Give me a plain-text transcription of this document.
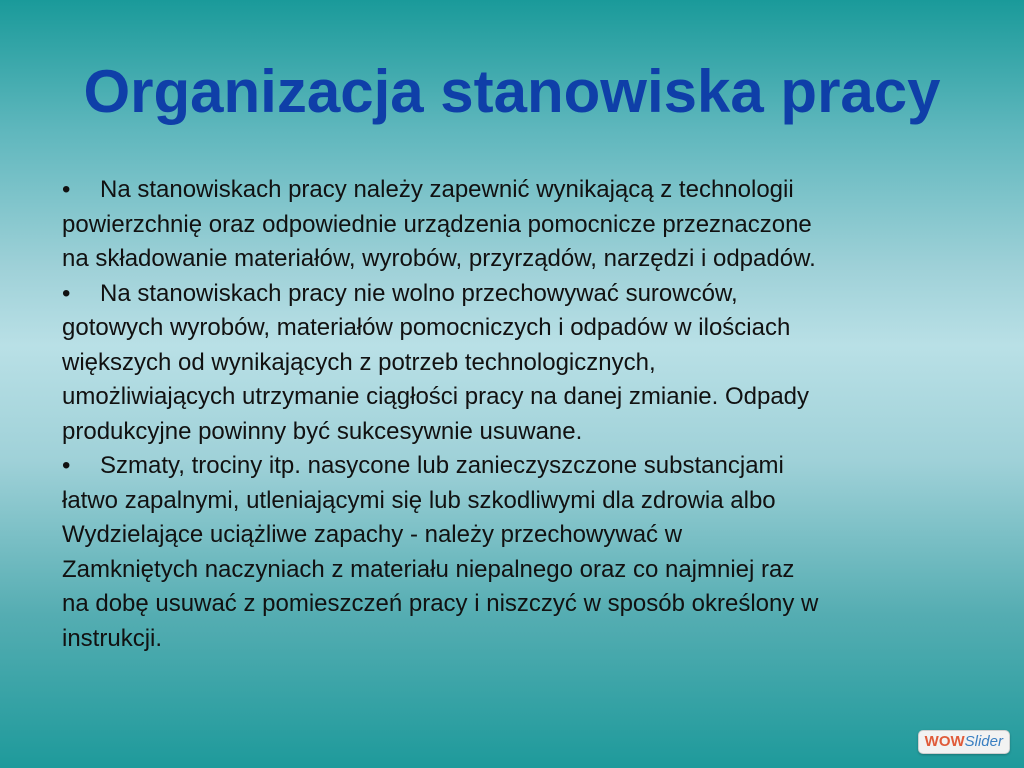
Organizacja stanowiska pracy
• Na stanowiskach pracy należy zapewnić wynikającą z technologii
powierzchnię oraz odpowiednie urządzenia pomocnicze przeznaczone
na składowanie materiałów, wyrobów, przyrządów, narzędzi i odpadów.
• Na stanowiskach pracy nie wolno przechowywać surowców,
gotowych wyrobów, materiałów pomocniczych i odpadów w ilościach
większych od wynikających z potrzeb technologicznych,
umożliwiających utrzymanie ciągłości pracy na danej zmianie. Odpady
produkcyjne powinny być sukcesywnie usuwane.
• Szmaty, trociny itp. nasycone lub zanieczyszczone substancjami
łatwo zapalnymi, utleniającymi się lub szkodliwymi dla zdrowia albo
Wydzielające uciążliwe zapachy - należy przechowywać w
Zamkniętych naczyniach z materiału niepalnego oraz co najmniej raz
na dobę usuwać z pomieszczeń pracy i niszczyć w sposób określony w
instrukcji.
WOWSlider
